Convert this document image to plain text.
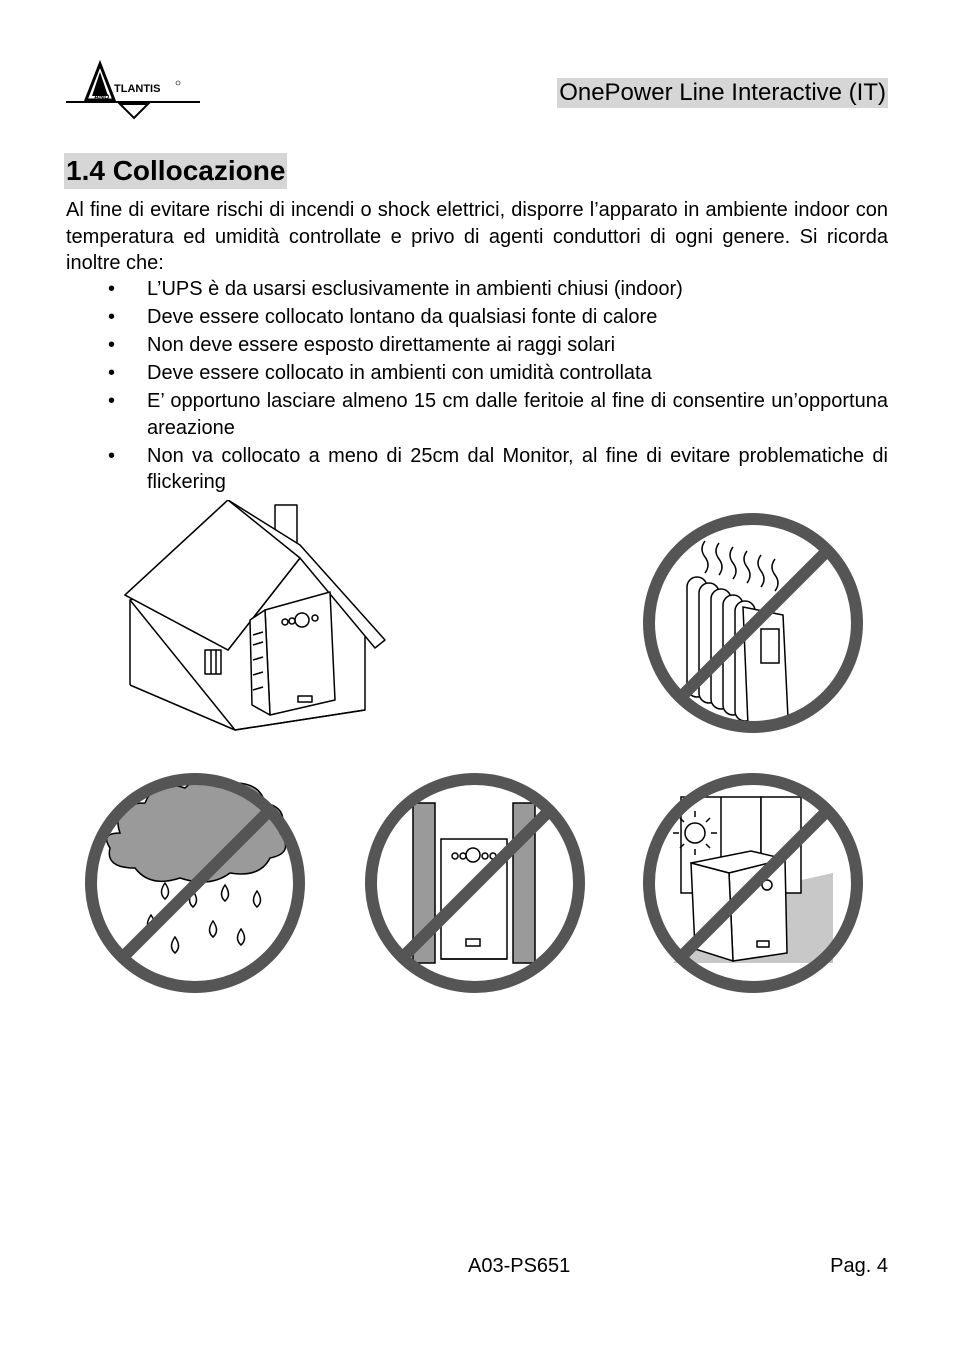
TLANTIS
AND	OnePower Line Interactive (IT)
1.4 Collocazione

Al fine di evitare rischi di incendi o shock elettrici, disporre l’apparato in ambiente indoor con temperatura ed umidità controllate e privo di agenti conduttori di ogni genere. Si ricorda inoltre che:

• L’UPS è da usarsi esclusivamente in ambienti chiusi (indoor)
• Deve essere collocato lontano da qualsiasi fonte di calore
• Non deve essere esposto direttamente ai raggi solari
• Deve essere collocato in ambienti con umidità controllata
• E’ opportuno lasciare almeno 15 cm dalle feritoie al fine di consentire un’opportuna areazione
• Non va collocato a meno di 25cm dal Monitor, al fine di evitare problematiche di flickering
A03-PS651	Pag. 4
